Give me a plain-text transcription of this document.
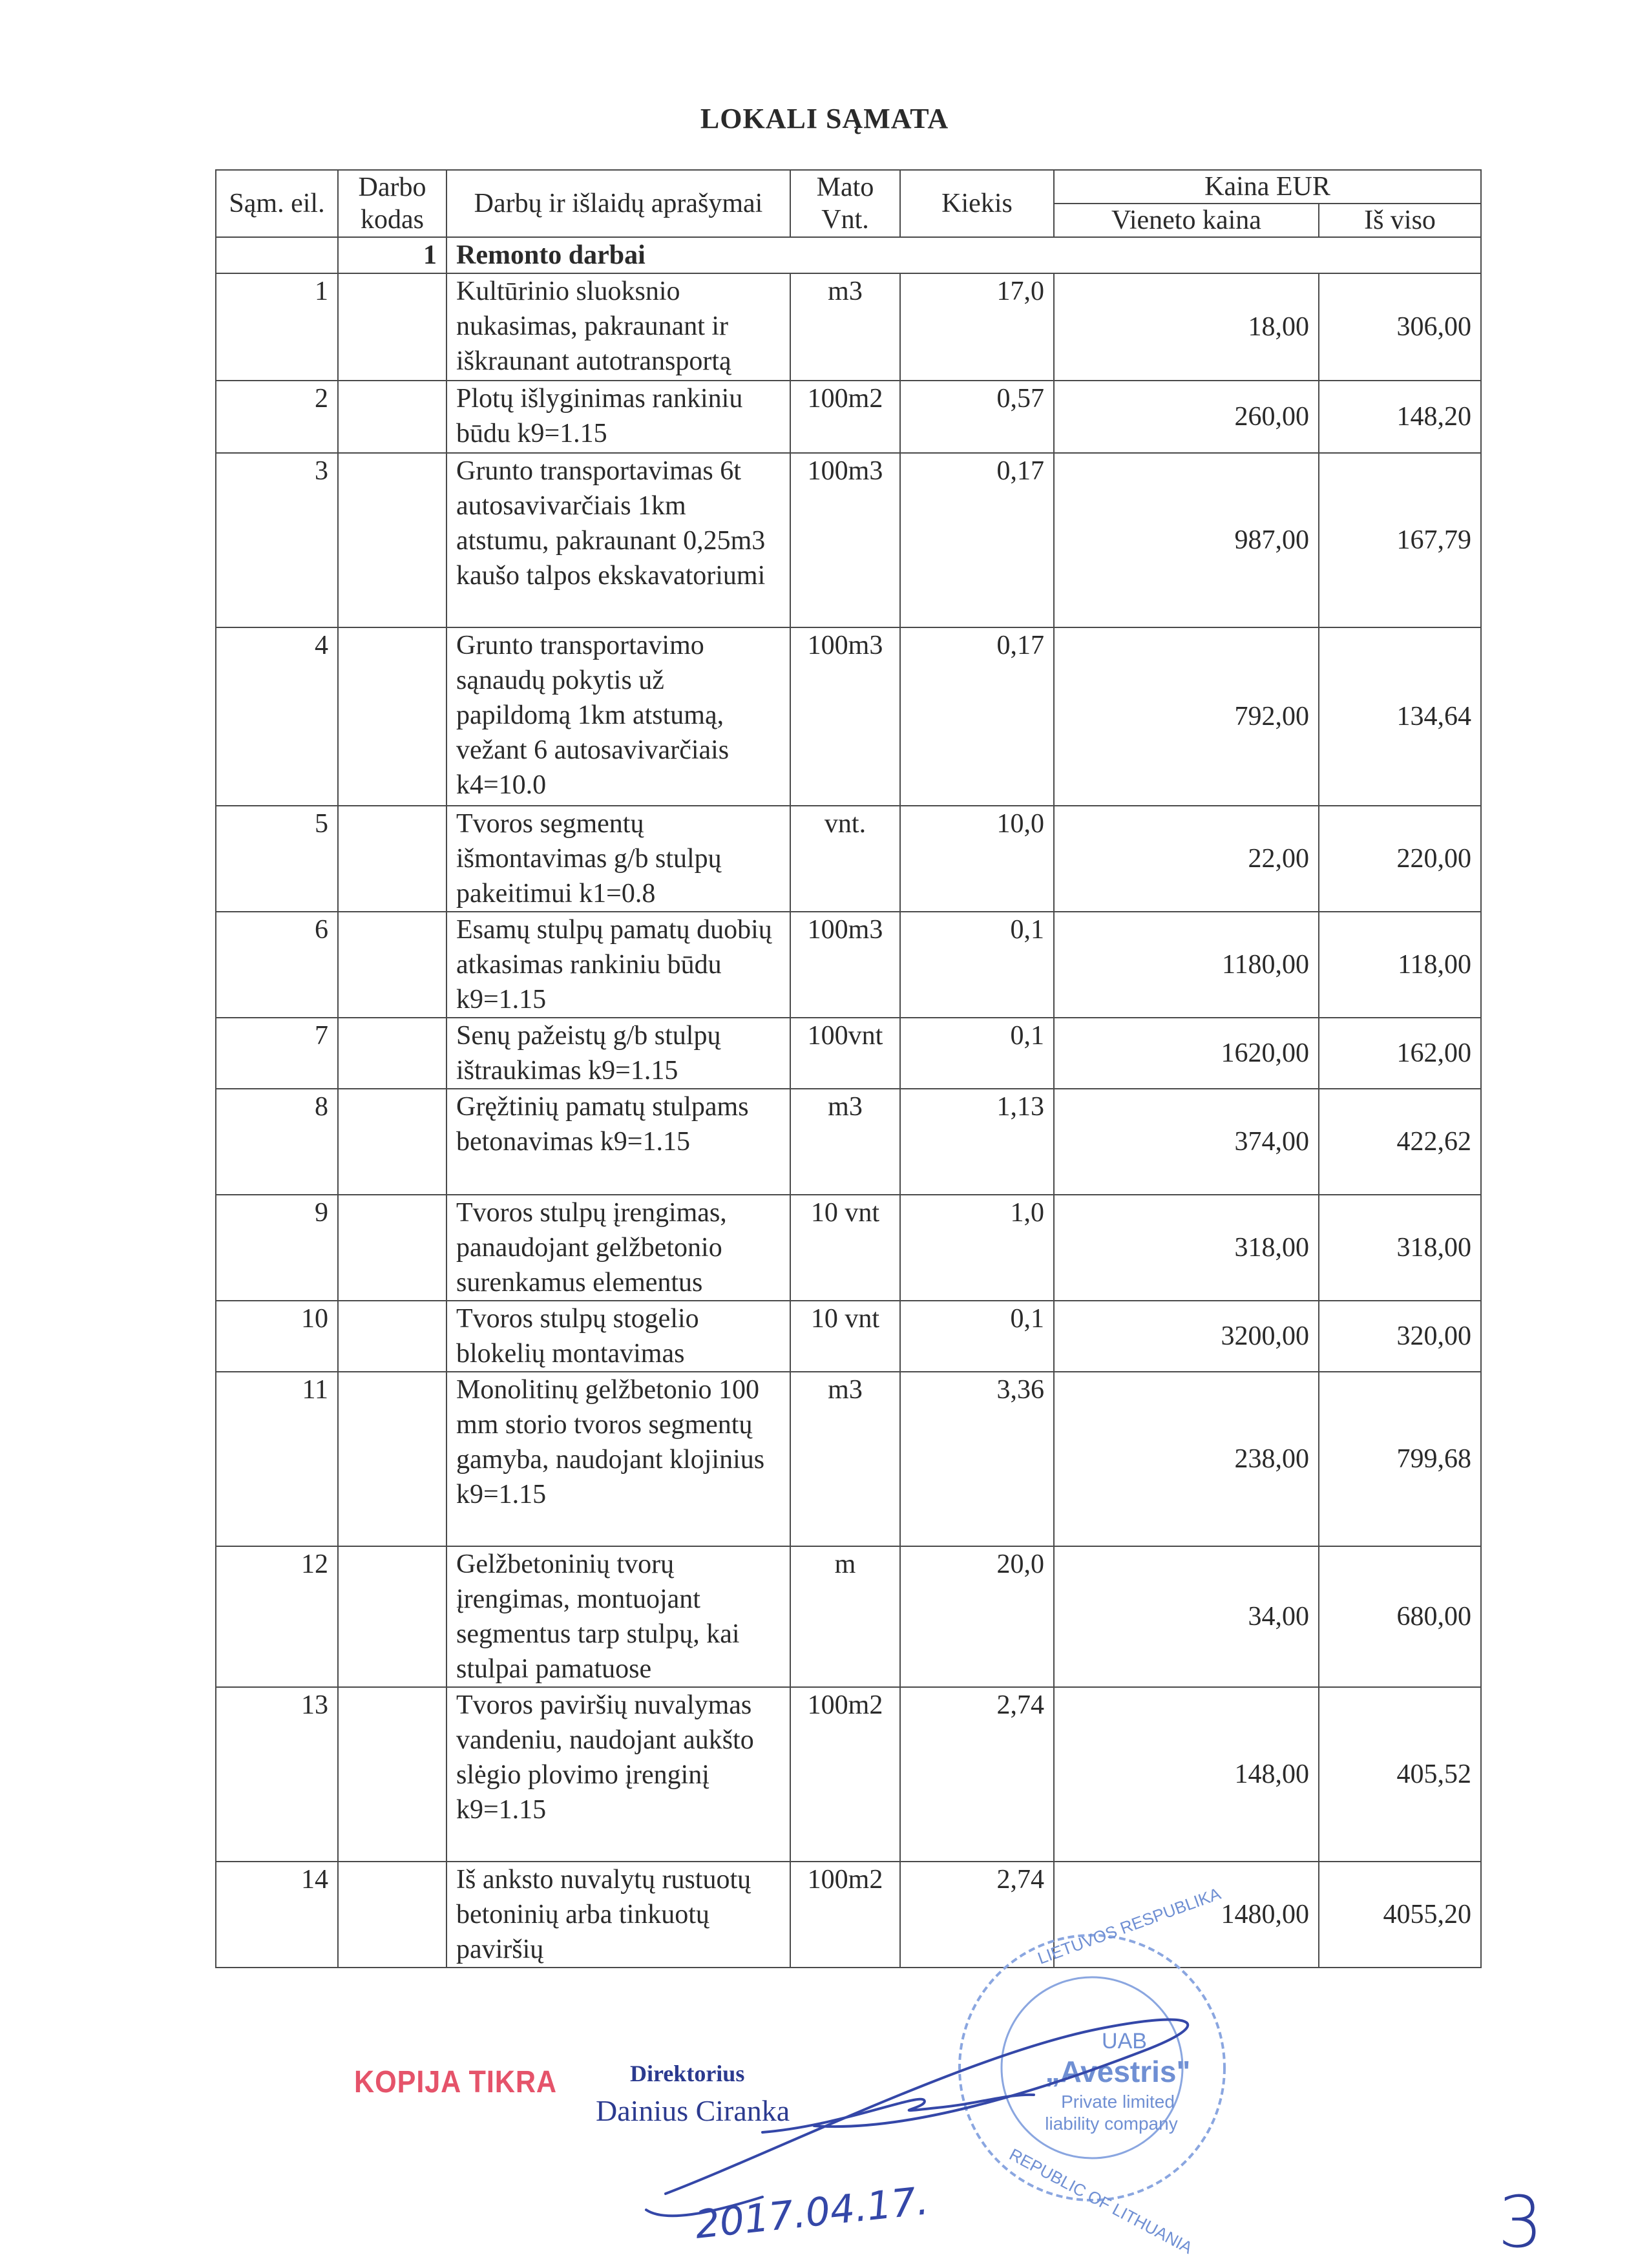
LOKALI SĄMATA
Sąm. eil.	Darbo kodas	Darbų ir išlaidų aprašymai	Mato Vnt.	Kiekis	Kaina EUR	
					Vieneto kaina	Iš viso
	1	Remonto darbai				
1		Kultūrinio sluoksnio nukasimas, pakraunant ir iškraunant autotransportą	m3	17,0	18,00	306,00
2		Plotų išlyginimas rankiniu būdu k9=1.15	100m2	0,57	260,00	148,20
3		Grunto transportavimas 6t autosavivarčiais 1km atstumu, pakraunant 0,25m3 kaušo talpos ekskavatoriumi	100m3	0,17	987,00	167,79
4		Grunto transportavimo sąnaudų pokytis už papildomą 1km atstumą, vežant 6 autosavivarčiais k4=10.0	100m3	0,17	792,00	134,64
5		Tvoros segmentų išmontavimas g/b stulpų pakeitimui k1=0.8	vnt.	10,0	22,00	220,00
6		Esamų stulpų pamatų duobių atkasimas rankiniu būdu k9=1.15	100m3	0,1	1180,00	118,00
7		Senų pažeistų g/b stulpų ištraukimas k9=1.15	100vnt	0,1	1620,00	162,00
8		Gręžtinių pamatų stulpams betonavimas k9=1.15	m3	1,13	374,00	422,62
9		Tvoros stulpų įrengimas, panaudojant gelžbetonio surenkamus elementus	10 vnt	1,0	318,00	318,00
10		Tvoros stulpų stogelio blokelių montavimas	10 vnt	0,1	3200,00	320,00
11		Monolitinų gelžbetonio 100 mm storio tvoros segmentų gamyba, naudojant klojinius k9=1.15	m3	3,36	238,00	799,68
12		Gelžbetoninių tvorų įrengimas, montuojant segmentus tarp stulpų, kai stulpai pamatuose	m	20,0	34,00	680,00
13		Tvoros paviršių nuvalymas vandeniu, naudojant aukšto slėgio plovimo įrenginį k9=1.15	100m2	2,74	148,00	405,52
14		Iš anksto nuvalytų rustuotų betoninių arba tinkuotų paviršių	100m2	2,74	1480,00	4055,20
KOPIJA TIKRA	Direktorius
Dainius Ciranka
2017.04.17.	3
UAB
„Avestris"
Private limited
liability company
LIETUVOS RESPUBLIKA
REPUBLIC OF LITHUANIA
